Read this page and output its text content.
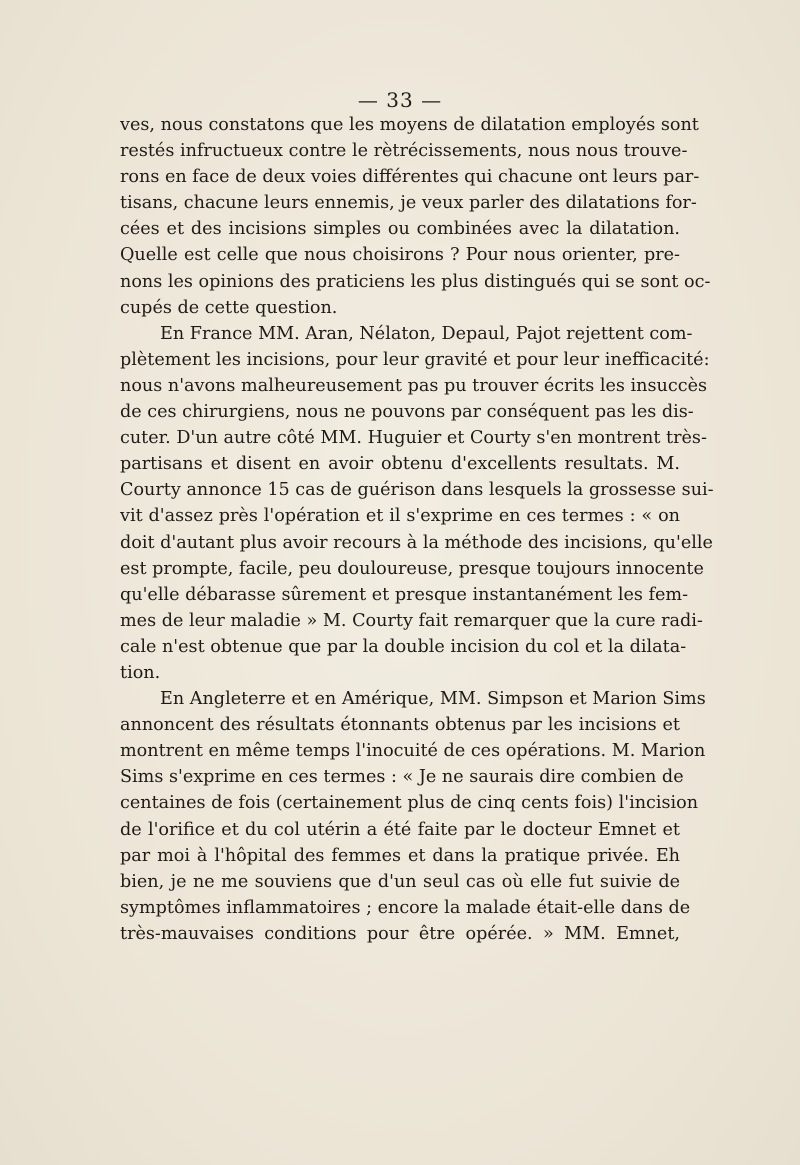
— 33 —
ves, nous constatons que les moyens de dilatation employés sont
restés infructueux contre le rètrécissements, nous nous trouve-
rons en face de deux voies différentes qui chacune ont leurs par-
tisans, chacune leurs ennemis, je veux parler des dilatations for-
cées et des incisions simples ou combinées avec la dilatation.
Quelle est celle que nous choisirons ? Pour nous orienter, pre-
nons les opinions des praticiens les plus distingués qui se sont oc-
cupés de cette question.
En France MM. Aran, Nélaton, Depaul, Pajot rejettent com-
plètement les incisions, pour leur gravité et pour leur inefficacité:
nous n'avons malheureusement pas pu trouver écrits les insuccès
de ces chirurgiens, nous ne pouvons par conséquent pas les dis-
cuter. D'un autre côté MM. Huguier et Courty s'en montrent très-
partisans et disent en avoir obtenu d'excellents resultats. M.
Courty annonce 15 cas de guérison dans lesquels la grossesse sui-
vit d'assez près l'opération et il s'exprime en ces termes : « on
doit d'autant plus avoir recours à la méthode des incisions, qu'elle
est prompte, facile, peu douloureuse, presque toujours innocente
qu'elle débarasse sûrement et presque instantanément les fem-
mes de leur maladie » M. Courty fait remarquer que la cure radi-
cale n'est obtenue que par la double incision du col et la dilata-
tion.
En Angleterre et en Amérique, MM. Simpson et Marion Sims
annoncent des résultats étonnants obtenus par les incisions et
montrent en même temps l'inocuité de ces opérations. M. Marion
Sims s'exprime en ces termes : « Je ne saurais dire combien de
centaines de fois (certainement plus de cinq cents fois) l'incision
de l'orifice et du col utérin a été faite par le docteur Emnet et
par moi à l'hôpital des femmes et dans la pratique privée. Eh
bien, je ne me souviens que d'un seul cas où elle fut suivie de
symptômes inflammatoires ; encore la malade était-elle dans de
très-mauvaises conditions pour être opérée. » MM. Emnet,
